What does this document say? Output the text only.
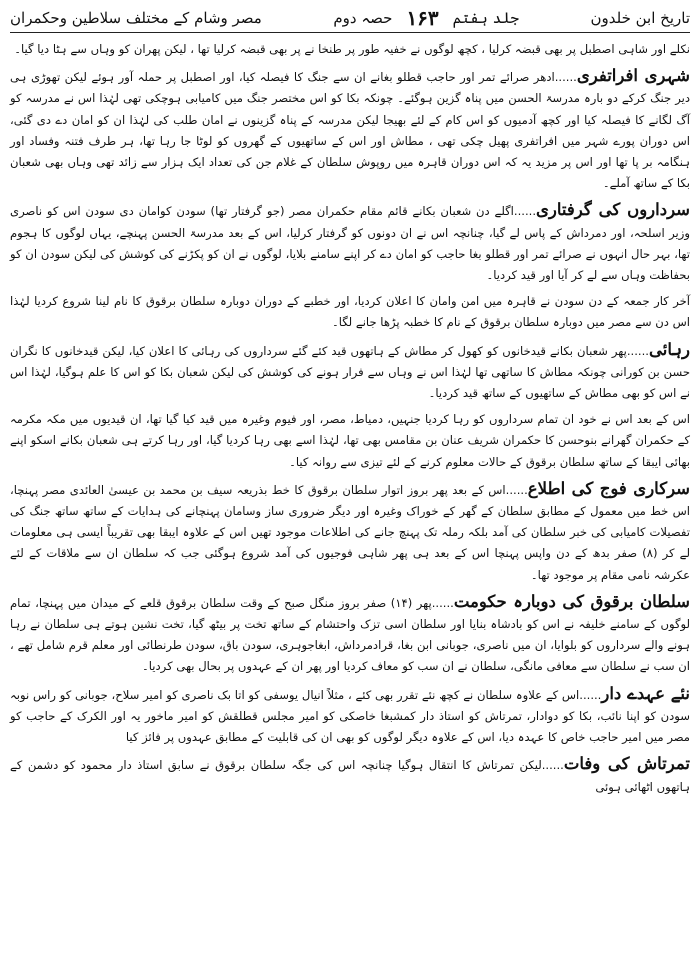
تاریخ ابن خلدون
جلد ہفتم
۱۶۳
حصہ دوم
مصر وشام کے مختلف سلاطین وحکمران

نکلے اور شاہی اصطبل پر بھی قبضہ کرلیا ، کچھ لوگوں نے خفیہ طور پر طنخا نے پر بھی قبضہ کرلیا تھا ، لیکن پھران کو وہاں سے ہٹا دیا گیا۔

شہری افراتفری......ادھر صرائے تمر اور حاجب قطلو بغانے ان سے جنگ کا فیصلہ کیا، اور اصطبل پر حملہ آور ہوئے لیکن تھوڑی ہی دیر جنگ کرکے دو بارہ مدرسۃ الحسن میں پناہ گزین ہوگئے۔ چونکہ بکا کو اس مختصر جنگ میں کامیابی ہوچکی تھی لہٰذا اس نے مدرسہ کو آگ لگانے کا فیصلہ کیا اور کچھ آدمیوں کو اس کام کے لئے بھیجا لیکن مدرسہ کے پناہ گزینوں نے امان طلب کی لہٰذا ان کو امان دے دی گئی، اس دوران پورے شہر میں افراتفری پھیل چکی تھی ، مطاش اور اس کے ساتھیوں کے گھروں کو لوٹا جا رہا تھا، ہر طرف فتنہ وفساد اور ہنگامہ بر پا تھا اور اس پر مزید یہ کہ اس دوران قاہرہ میں روپوش سلطان کے غلام جن کی تعداد ایک ہزار سے زائد تھی وہاں بھی شعبان بکا کے ساتھ آملے۔

سرداروں کی گرفتاری......اگلے دن شعبان بکانے قائم مقام حکمران مصر (جو گرفتار تھا) سودن کوامان دی سودن اس کو ناصری وزیر اسلحہ، اور دمرداش کے پاس لے گیا، چنانچہ اس نے ان دونوں کو گرفتار کرلیا، اس کے بعد مدرسۃ الحسن پہنچے، یہاں لوگوں کا ہجوم تھا، بہر حال انہوں نے صرائے تمر اور قطلو بغا حاجب کو امان دے کر اپنے سامنے بلایا، لوگوں نے ان کو پکڑنے کی کوشش کی لیکن سودن ان کو بحفاظت وہاں سے لے کر آیا اور قید کردیا۔

آخر کار جمعہ کے دن سودن نے قاہرہ میں امن وامان کا اعلان کردیا، اور خطبے کے دوران دوبارہ سلطان برقوق کا نام لینا شروع کردیا لہٰذا اس دن سے مصر میں دوبارہ سلطان برقوق کے نام کا خطبہ پڑھا جانے لگا۔

رہائی......پھر شعبان بکانے قیدخانوں کو کھول کر مطاش کے ہاتھوں قید کئے گئے سرداروں کی رہائی کا اعلان کیا، لیکن قیدخانوں کا نگران حسن بن کورانی چونکہ مطاش کا ساتھی تھا لہٰذا اس نے وہاں سے فرار ہونے کی کوشش کی لیکن شعبان بکا کو اس کا علم ہوگیا، لہٰذا اس نے اس کو بھی مطاش کے ساتھیوں کے ساتھ قید کردیا۔

اس کے بعد اس نے خود ان تمام سرداروں کو رہا کردیا جنہیں، دمیاط، مصر، اور فیوم وغیرہ میں قید کیا گیا تھا، ان قیدیوں میں مکہ مکرمہ کے حکمران گھرانے بنوحسن کا حکمران شریف عنان بن مقامس بھی تھا، لہٰذا اسے بھی رہا کردیا گیا، اور رہا کرتے ہی شعبان بکانے اسکو اپنے بھائی ایبقا کے ساتھ سلطان برقوق کے حالات معلوم کرنے کے لئے تیزی سے روانہ کیا۔

سرکاری فوج کی اطلاع......اس کے بعد پھر بروز اتوار سلطان برقوق کا خط بذریعہ سیف بن محمد بن عیسیٰ العائدی مصر پہنچا، اس خط میں معمول کے مطابق سلطان کے گھر کے خوراک وغیرہ اور دیگر ضروری ساز وسامان پہنچانے کی ہدایات کے ساتھ ساتھ جنگ کی تفصیلات کامیابی کی خبر سلطان کی آمد بلکہ رملہ تک پہنچ جانے کی اطلاعات موجود تھیں اس کے علاوہ ایبقا بھی تقریباً ایسی ہی معلومات لے کر (۸) صفر بدھ کے دن واپس پہنچا اس کے بعد ہی پھر شاہی فوجیوں کی آمد شروع ہوگئی جب کہ سلطان ان سے ملاقات کے لئے عکرشہ نامی مقام پر موجود تھا۔

سلطان برقوق کی دوبارہ حکومت......پھر (۱۴) صفر بروز منگل صبح کے وقت سلطان برقوق قلعے کے میدان میں پہنچا، تمام لوگوں کے سامنے خلیفہ نے اس کو بادشاہ بنایا اور سلطان اسی تزک واحتشام کے ساتھ تخت پر بیٹھ گیا، تخت نشین ہوتے ہی سلطان نے رہا ہونے والے سرداروں کو بلوایا، ان میں ناصری، جوبانی ابن بغا، قرادمرداش، ابغاجوہری، سودن باق، سودن طرنطائی اور معلم قرم شامل تھے ، ان سب نے سلطان سے معافی مانگی، سلطان نے ان سب کو معاف کردیا اور پھر ان کے عہدوں پر بحال بھی کردیا۔

نئے عہدے دار......اس کے علاوہ سلطان نے کچھ نئے تقرر بھی کئے ، مثلاً انیال یوسفی کو اتا بک ناصری کو امیر سلاح، جوبانی کو راس نوبہ سودن کو اپنا نائب، بکا کو دوادار، تمرتاش کو استاذ دار کمشبغا خاصکی کو امیر مجلس قطلقش کو امیر ماخور یہ اور الکرک کے حاجب کو مصر میں امیر حاجب خاص کا عہدہ دیا، اس کے علاوہ دیگر لوگوں کو بھی ان کی قابلیت کے مطابق عہدوں پر فائز کیا

تمرتاش کی وفات......لیکن تمرتاش کا انتقال ہوگیا چنانچہ اس کی جگہ سلطان برقوق نے سابق استاذ دار محمود کو دشمن کے ہاتھوں اٹھائی ہوئی
